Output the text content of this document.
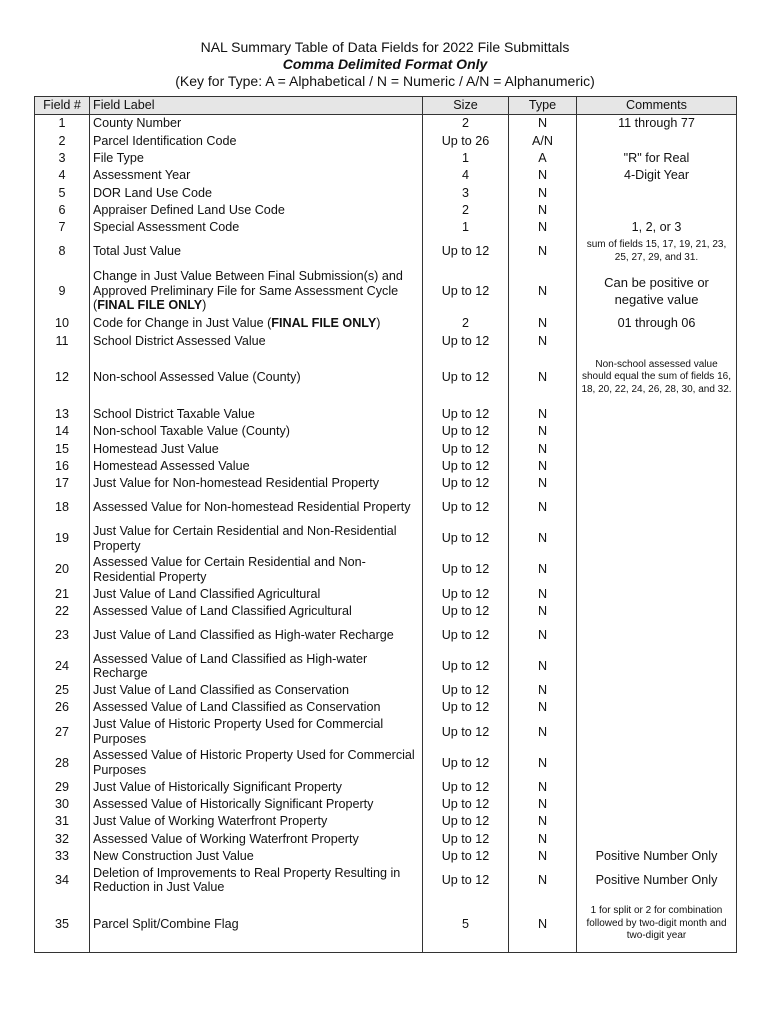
NAL Summary Table of Data Fields for 2022 File Submittals
Comma Delimited Format Only
(Key for Type: A = Alphabetical / N = Numeric / A/N = Alphanumeric)
Field #	Field Label	Size	Type	Comments
1	County Number	2	N	11 through 77
2	Parcel Identification Code	Up to 26	A/N	
3	File Type	1	A	"R" for Real
4	Assessment Year	4	N	4-Digit Year
5	DOR Land Use Code	3	N	
6	Appraiser Defined Land Use Code	2	N	
7	Special Assessment Code	1	N	1, 2, or 3
8	Total Just Value	Up to 12	N	sum of fields 15, 17, 19, 21, 23, 25, 27, 29, and 31.
9	Change in Just Value Between Final Submission(s) and Approved Preliminary File for Same Assessment Cycle (FINAL FILE ONLY)	Up to 12	N	Can be positive or negative value
10	Code for Change in Just Value (FINAL FILE ONLY)	2	N	01 through 06
11	School District Assessed Value	Up to 12	N	
12	Non-school Assessed Value (County)	Up to 12	N	Non-school assessed value should equal the sum of fields 16, 18, 20, 22, 24, 26, 28, 30, and 32.
13	School District Taxable Value	Up to 12	N	
14	Non-school Taxable Value (County)	Up to 12	N	
15	Homestead Just Value	Up to 12	N	
16	Homestead Assessed Value	Up to 12	N	
17	Just Value for Non-homestead Residential Property	Up to 12	N	
18	Assessed Value for Non-homestead Residential Property	Up to 12	N	
19	Just Value for Certain Residential and Non-Residential Property	Up to 12	N	
20	Assessed Value for Certain Residential and Non-Residential Property	Up to 12	N	
21	Just Value of Land Classified Agricultural	Up to 12	N	
22	Assessed Value of Land Classified Agricultural	Up to 12	N	
23	Just Value of Land Classified as High-water Recharge	Up to 12	N	
24	Assessed Value of Land Classified as High-water Recharge	Up to 12	N	
25	Just Value of Land Classified as Conservation	Up to 12	N	
26	Assessed Value of Land Classified as Conservation	Up to 12	N	
27	Just Value of Historic Property Used for Commercial Purposes	Up to 12	N	
28	Assessed Value of Historic Property Used for Commercial Purposes	Up to 12	N	
29	Just Value of Historically Significant Property	Up to 12	N	
30	Assessed Value of Historically Significant Property	Up to 12	N	
31	Just Value of Working Waterfront Property	Up to 12	N	
32	Assessed Value of Working Waterfront Property	Up to 12	N	
33	New Construction Just Value	Up to 12	N	Positive Number Only
34	Deletion of Improvements to Real Property Resulting in Reduction in Just Value	Up to 12	N	Positive Number Only
35	Parcel Split/Combine Flag	5	N	1 for split or 2 for combination followed by two-digit month and two-digit year
